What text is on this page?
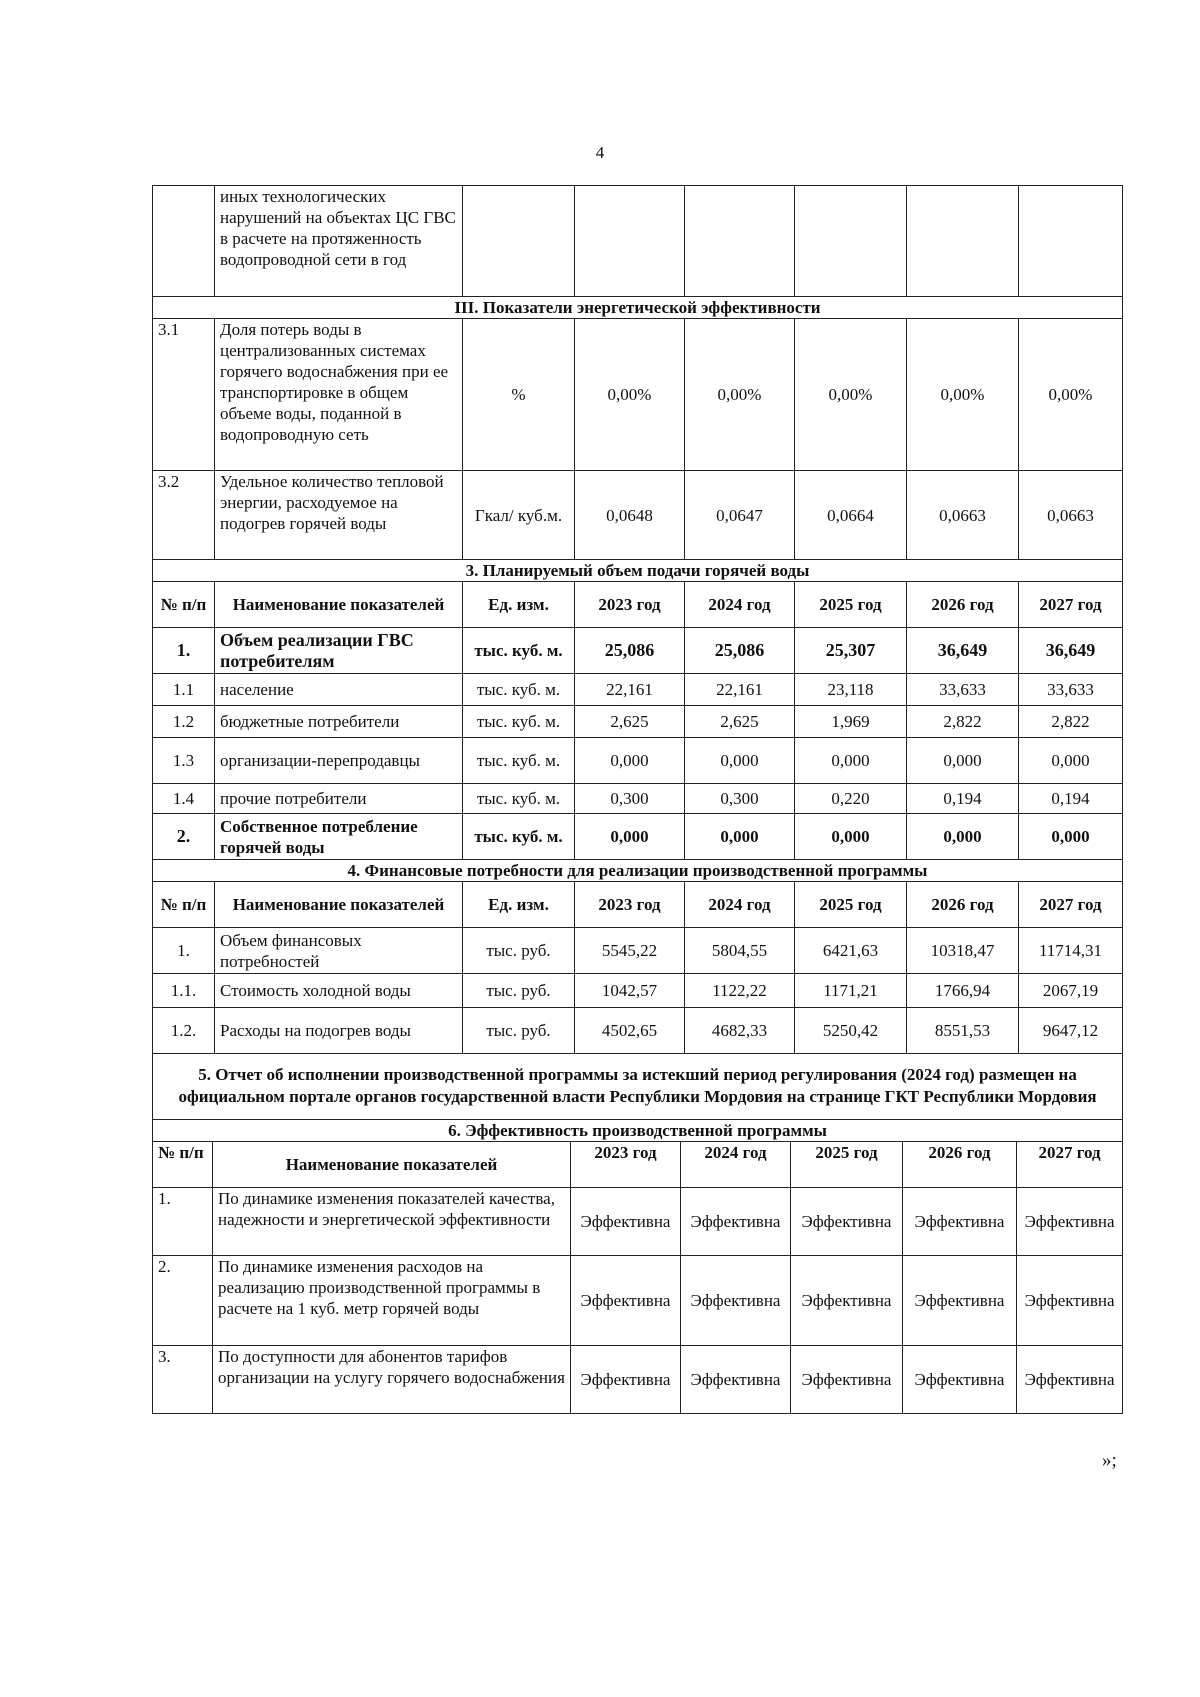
4
	иных технологических нарушений на объектах ЦС ГВС в расчете на протяженность водопроводной сети в год						
III. Показатели энергетической эффективности							
3.1	Доля потерь воды в централизованных системах горячего водоснабжения при ее транспортировке в общем объеме воды, поданной в водопроводную сеть	%	0,00%	0,00%	0,00%	0,00%	0,00%
3.2	Удельное количество тепловой энергии, расходуемое на подогрев горячей воды	Гкал/ куб.м.	0,0648	0,0647	0,0664	0,0663	0,0663
3. Планируемый объем подачи горячей воды							
№ п/п	Наименование показателей	Ед. изм.	2023 год	2024 год	2025 год	2026 год	2027 год
1.	Объем реализации ГВС потребителям	тыс. куб. м.	25,086	25,086	25,307	36,649	36,649
1.1	население	тыс. куб. м.	22,161	22,161	23,118	33,633	33,633
1.2	бюджетные потребители	тыс. куб. м.	2,625	2,625	1,969	2,822	2,822
1.3	организации-перепродавцы	тыс. куб. м.	0,000	0,000	0,000	0,000	0,000
1.4	прочие потребители	тыс. куб. м.	0,300	0,300	0,220	0,194	0,194
2.	Собственное потребление горячей воды	тыс. куб. м.	0,000	0,000	0,000	0,000	0,000
4. Финансовые потребности для реализации производственной программы							
№ п/п	Наименование показателей	Ед. изм.	2023 год	2024 год	2025 год	2026 год	2027 год
1.	Объем финансовых потребностей	тыс. руб.	5545,22	5804,55	6421,63	10318,47	11714,31
1.1.	Стоимость холодной воды	тыс. руб.	1042,57	1122,22	1171,21	1766,94	2067,19
1.2.	Расходы на подогрев воды	тыс. руб.	4502,65	4682,33	5250,42	8551,53	9647,12
5. Отчет об исполнении производственной программы за истекший период регулирования (2024 год) размещен на официальном портале органов государственной власти Республики Мордовия на странице ГКТ Республики Мордовия						
6. Эффективность производственной программы						
№ п/п	Наименование показателей	2023 год	2024 год	2025 год	2026 год	2027 год
1.	По динамике изменения показателей качества, надежности и энергетической эффективности	Эффективна	Эффективна	Эффективна	Эффективна	Эффективна
2.	По динамике изменения расходов на реализацию производственной программы в расчете на 1 куб. метр горячей воды	Эффективна	Эффективна	Эффективна	Эффективна	Эффективна
3.	По доступности для абонентов тарифов организации на услугу горячего водоснабжения	Эффективна	Эффективна	Эффективна	Эффективна	Эффективна
»;
